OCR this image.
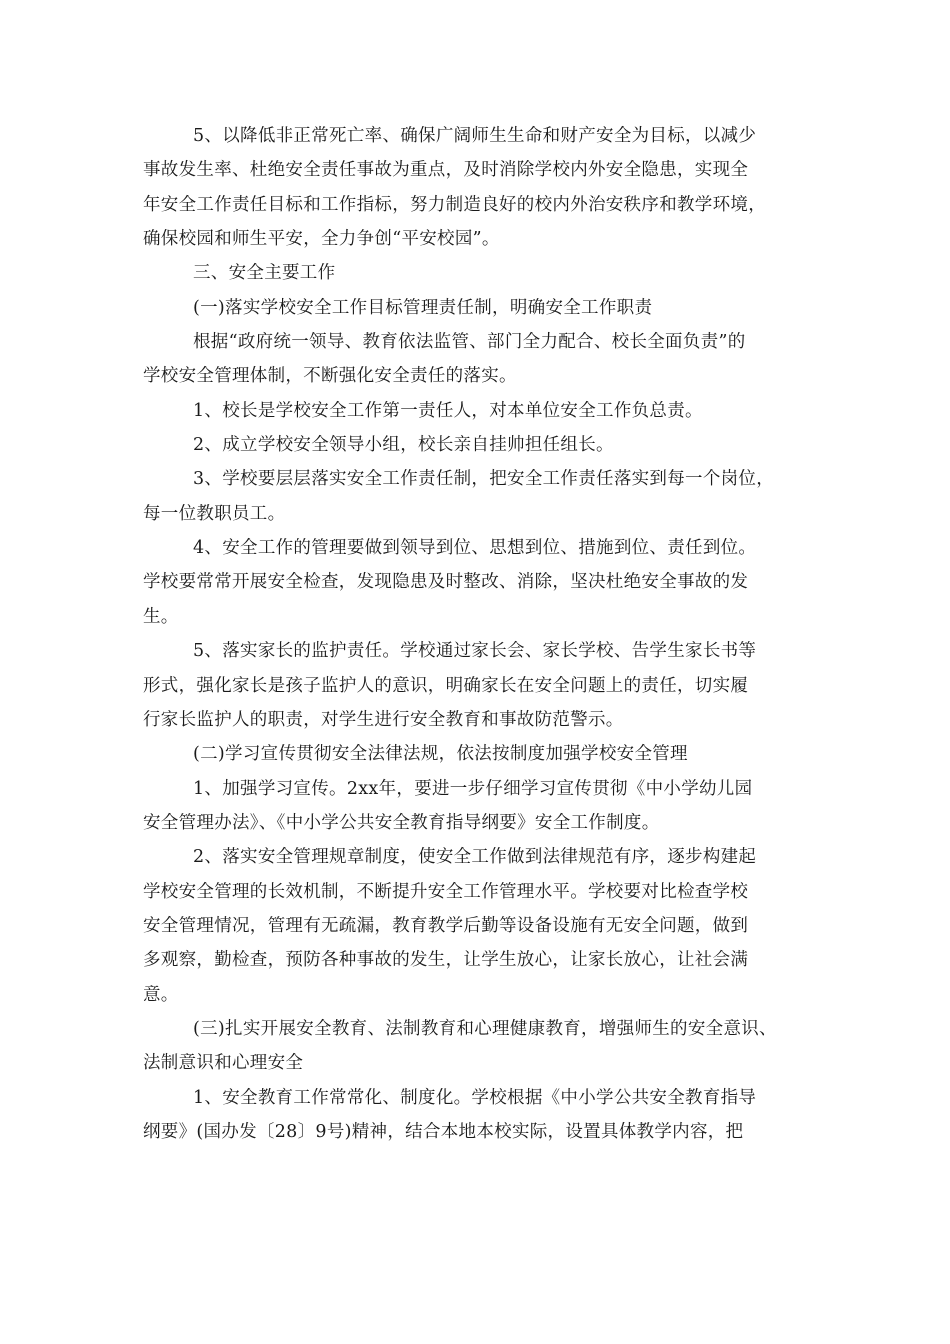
5、以降低非正常死亡率、确保广阔师生生命和财产安全为目标，以减少
事故发生率、杜绝安全责任事故为重点，及时消除学校内外安全隐患，实现全
年安全工作责任目标和工作指标，努力制造良好的校内外治安秩序和教学环境，
确保校园和师生平安，全力争创“平安校园”。
三、安全主要工作
(一)落实学校安全工作目标管理责任制，明确安全工作职责
根据“政府统一领导、教育依法监管、部门全力配合、校长全面负责”的
学校安全管理体制，不断强化安全责任的落实。
1、校长是学校安全工作第一责任人，对本单位安全工作负总责。
2、成立学校安全领导小组，校长亲自挂帅担任组长。
3、学校要层层落实安全工作责任制，把安全工作责任落实到每一个岗位，
每一位教职员工。
4、安全工作的管理要做到领导到位、思想到位、措施到位、责任到位。
学校要常常开展安全检查，发现隐患及时整改、消除，坚决杜绝安全事故的发
生。
5、落实家长的监护责任。学校通过家长会、家长学校、告学生家长书等
形式，强化家长是孩子监护人的意识，明确家长在安全问题上的责任，切实履
行家长监护人的职责，对学生进行安全教育和事故防范警示。
(二)学习宣传贯彻安全法律法规，依法按制度加强学校安全管理
1、加强学习宣传。2xx年，要进一步仔细学习宣传贯彻《中小学幼儿园
安全管理办法》、《中小学公共安全教育指导纲要》安全工作制度。
2、落实安全管理规章制度，使安全工作做到法律规范有序，逐步构建起
学校安全管理的长效机制，不断提升安全工作管理水平。学校要对比检查学校
安全管理情况，管理有无疏漏，教育教学后勤等设备设施有无安全问题，做到
多观察，勤检查，预防各种事故的发生，让学生放心，让家长放心，让社会满
意。
(三)扎实开展安全教育、法制教育和心理健康教育，增强师生的安全意识、
法制意识和心理安全
1、安全教育工作常常化、制度化。学校根据《中小学公共安全教育指导
纲要》(国办发〔28〕9号)精神，结合本地本校实际，设置具体教学内容，把
